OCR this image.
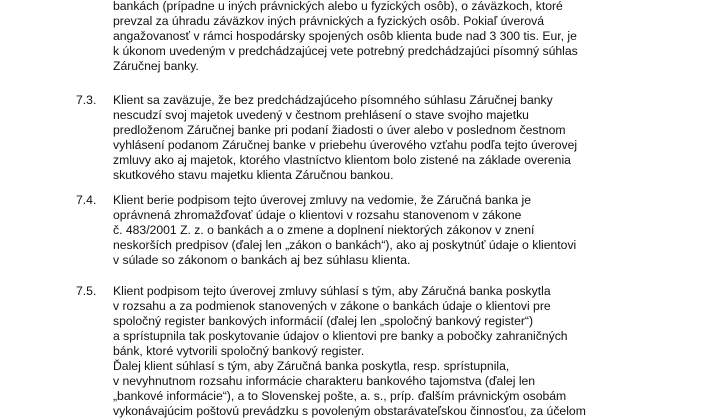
bankách (prípadne u iných právnických alebo u fyzických osôb), o záväzkoch, ktoré
prevzal za úhradu záväzkov iných právnických a fyzických osôb. Pokiaľ úverová
angažovanosť v rámci hospodársky spojených osôb klienta bude nad 3 300 tis. Eur, je
k úkonom uvedeným v predchádzajúcej vete potrebný predchádzajúci písomný súhlas
Záručnej banky.
7.3. Klient sa zaväzuje, že bez predchádzajúceho písomného súhlasu Záručnej banky
nescudzí svoj majetok uvedený v čestnom prehlásení o stave svojho majetku
predloženom Záručnej banke pri podaní žiadosti o úver alebo v poslednom čestnom
vyhlásení podanom Záručnej banke v priebehu úverového vzťahu podľa tejto úverovej
zmluvy ako aj majetok, ktorého vlastníctvo klientom bolo zistené na základe overenia
skutkového stavu majetku klienta Záručnou bankou.
7.4. Klient berie podpisom tejto úverovej zmluvy na vedomie, že Záručná banka je
oprávnená zhromažďovať údaje o klientovi v rozsahu stanovenom v zákone
č. 483/2001 Z. z. o bankách a o zmene a doplnení niektorých zákonov v znení
neskorších predpisov (ďalej len „zákon o bankách“), ako aj poskytnúť údaje o klientovi
v súlade so zákonom o bankách aj bez súhlasu klienta.
7.5. Klient podpisom tejto úverovej zmluvy súhlasí s tým, aby Záručná banka poskytla
v rozsahu a za podmienok stanovených v zákone o bankách údaje o klientovi pre
spoločný register bankových informácií (ďalej len „spoločný bankový register“)
a sprístupnila tak poskytovanie údajov o klientovi pre banky a pobočky zahraničných
bánk, ktoré vytvorili spoločný bankový register.
Ďalej klient súhlasí s tým, aby Záručná banka poskytla, resp. sprístupnila,
v nevyhnutnom rozsahu informácie charakteru bankového tajomstva (ďalej len
„bankové informácie“), a to Slovenskej pošte, a. s., príp. ďalším právnickým osobám
vykonávajúcim poštovú prevádzku s povoleným obstarávateľskou činnosťou, za účelom
